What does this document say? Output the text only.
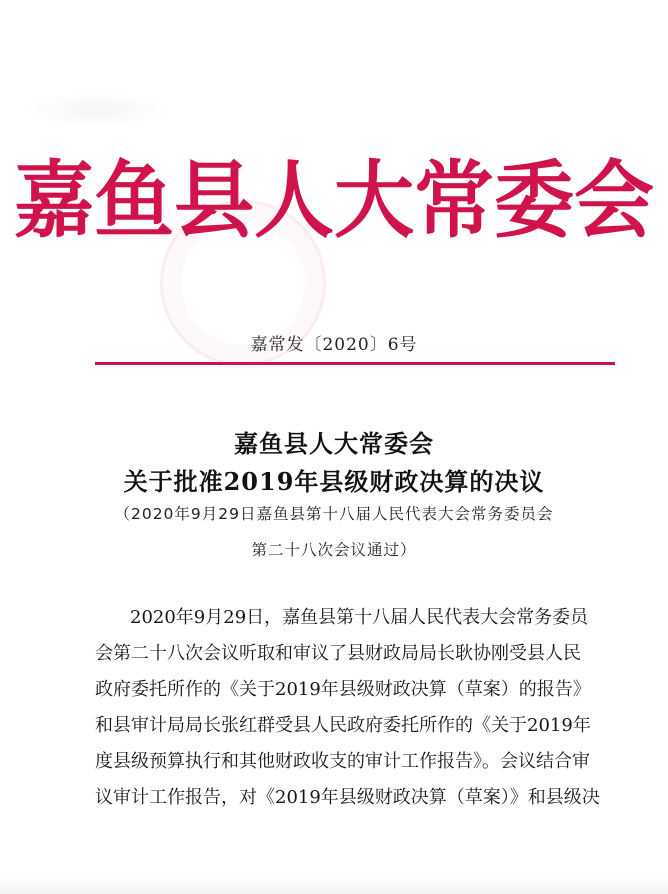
嘉鱼县人大常委会
嘉常发〔2020〕6号
嘉鱼县人大常委会
关于批准2019年县级财政决算的决议
（2020年9月29日嘉鱼县第十八届人民代表大会常务委员会
第二十八次会议通过）
2020年9月29日，嘉鱼县第十八届人民代表大会常务委员
会第二十八次会议听取和审议了县财政局局长耿协刚受县人民
政府委托所作的《关于2019年县级财政决算（草案）的报告》
和县审计局局长张红群受县人民政府委托所作的《关于2019年
度县级预算执行和其他财政收支的审计工作报告》。会议结合审
议审计工作报告，对《2019年县级财政决算（草案）》和县级决
